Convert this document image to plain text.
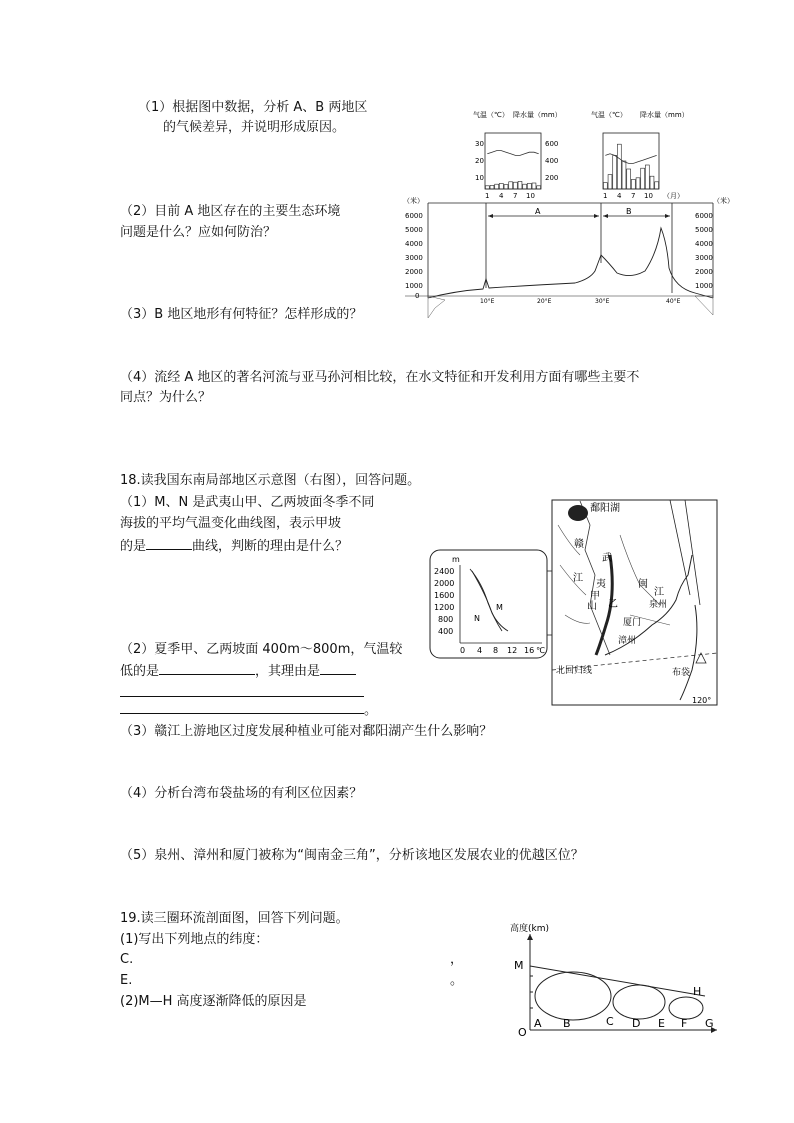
（1）根据图中数据，分析 A、B 两地区
的气候差异，并说明形成原因。
（2）目前 A 地区存在的主要生态环境
问题是什么？应如何防治？
（3）B 地区地形有何特征？怎样形成的？
（4）流经 A 地区的著名河流与亚马孙河相比较，在水文特征和开发利用方面有哪些主要不
同点？为什么？
气温（℃） 降水量（mm）
30
20
10
600
400
200
1 4 7 10
气温（℃） 降水量（mm）
1 4 7 10 （月）
（米）	（米）
6000
5000
4000
3000
2000
1000
0
6000
5000
4000
3000
2000
1000
A	B
10°E	20°E	30°E	40°E
18.读我国东南局部地区示意图（右图），回答问题。
（1）M、N 是武夷山甲、乙两坡面冬季不同
海拔的平均气温变化曲线图，表示甲坡
的是	曲线，判断的理由是什么？
（2）夏季甲、乙两坡面 400m～800m，气温较
低的是	，其理由是
。
（3）赣江上游地区过度发展种植业可能对鄱阳湖产生什么影响？
（4）分析台湾布袋盐场的有利区位因素？
（5）泉州、漳州和厦门被称为“闽南金三角”，分析该地区发展农业的优越区位？
m
2400
2000
1600
1200
800
400
0 4 8 12 16 ℃
M
N
鄱阳湖
赣
江
武
夷
山
甲
乙
闽
江
泉州
厦门
漳州
北回归线	布袋
120°
19.读三圈环流剖面图，回答下列问题。
(1)写出下列地点的纬度：
C.	，
E.	。
(2)M—H 高度逐渐降低的原因是
高度(km)
M
H
O
A B	C D E F G
